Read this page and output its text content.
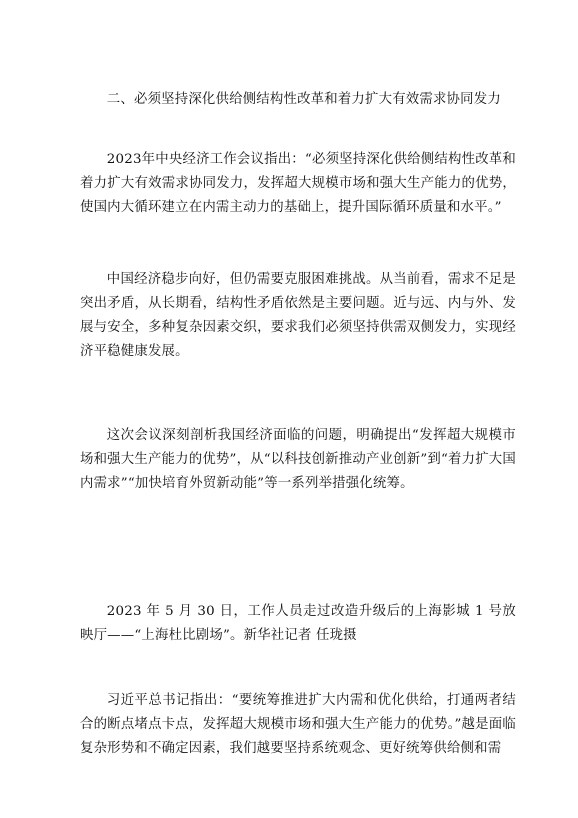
二、必须坚持深化供给侧结构性改革和着力扩大有效需求协同发力

2023年中央经济工作会议指出：“必须坚持深化供给侧结构性改革和着力扩大有效需求协同发力，发挥超大规模市场和强大生产能力的优势，使国内大循环建立在内需主动力的基础上，提升国际循环质量和水平。”

中国经济稳步向好，但仍需要克服困难挑战。从当前看，需求不足是突出矛盾，从长期看，结构性矛盾依然是主要问题。近与远、内与外、发展与安全，多种复杂因素交织，要求我们必须坚持供需双侧发力，实现经济平稳健康发展。

这次会议深刻剖析我国经济面临的问题，明确提出“发挥超大规模市场和强大生产能力的优势”，从“以科技创新推动产业创新”到“着力扩大国内需求”“加快培育外贸新动能”等一系列举措强化统筹。

2023 年 5 月 30 日，工作人员走过改造升级后的上海影城 1 号放映厅——“上海杜比剧场”。新华社记者 任珑摄

习近平总书记指出：“要统筹推进扩大内需和优化供给，打通两者结合的断点堵点卡点，发挥超大规模市场和强大生产能力的优势。”越是面临复杂形势和不确定因素，我们越要坚持系统观念、更好统筹供给侧和需
